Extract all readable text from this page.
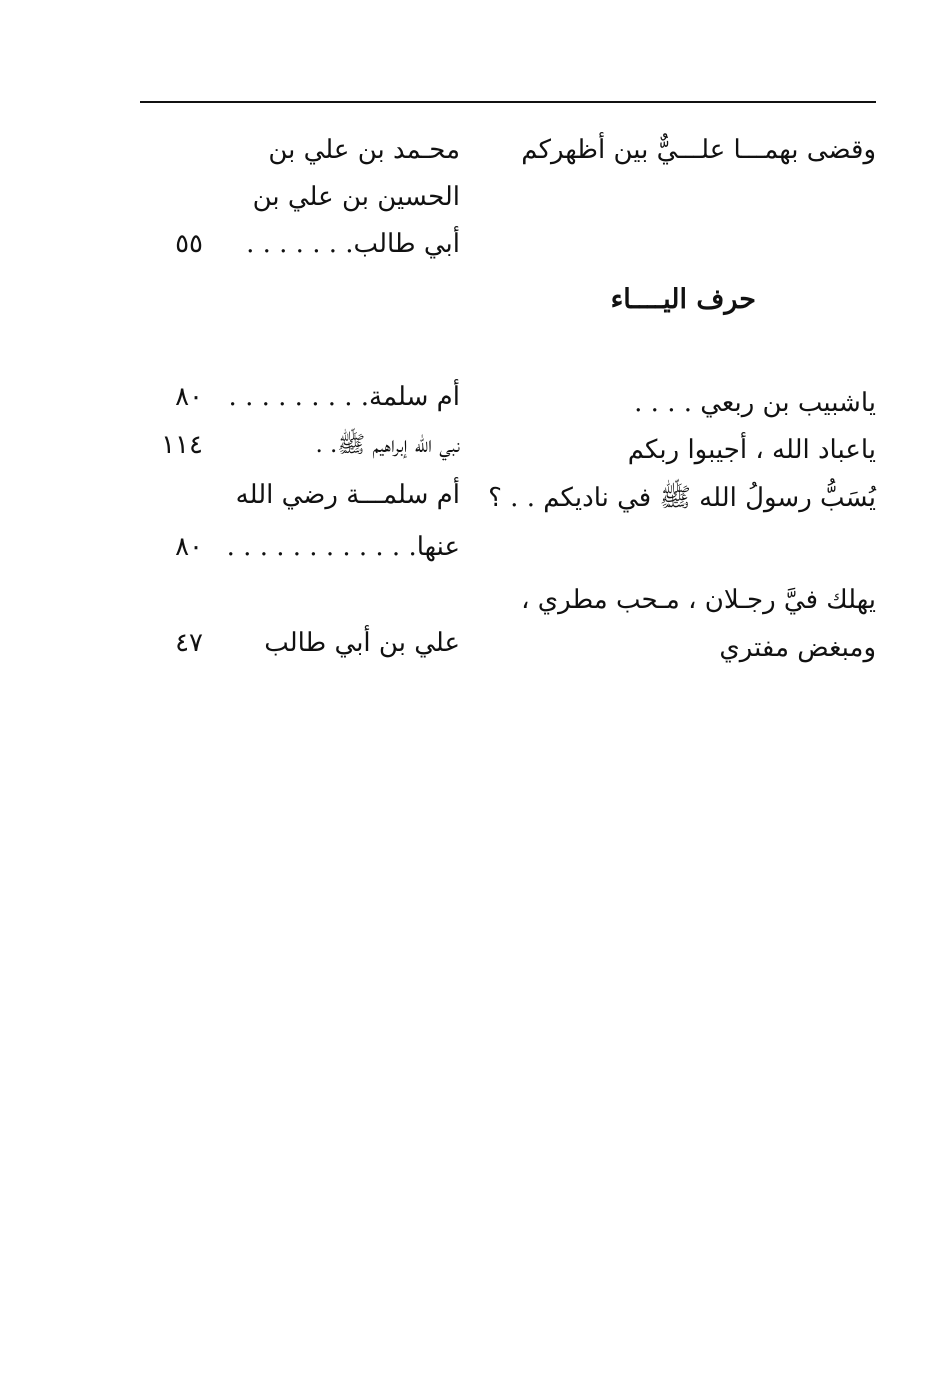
وقضى بهمـــا علـــيٌّ بين أظهركم
محـمد بن علي بن
الحسين بن علي بن
أبي طالب. . . . . . .
٥٥
حرف اليــــاء
ياشبيب بن ربعي . . . .
أم سلمة. . . . . . . . .
٨٠
ياعباد الله ، أجيبوا ربكم
نبي الله إبراهيم ﷺ. .
١١٤
يُسَبُّ رسولُ الله ﷺ في ناديكم . . ؟
أم سلمـــة رضي الله
عنها. . . . . . . . . . . .
٨٠
يهلك فيَّ رجـلان ، مـحب مطري ،
ومبغض مفتري
علي بن أبي طالب
٤٧
